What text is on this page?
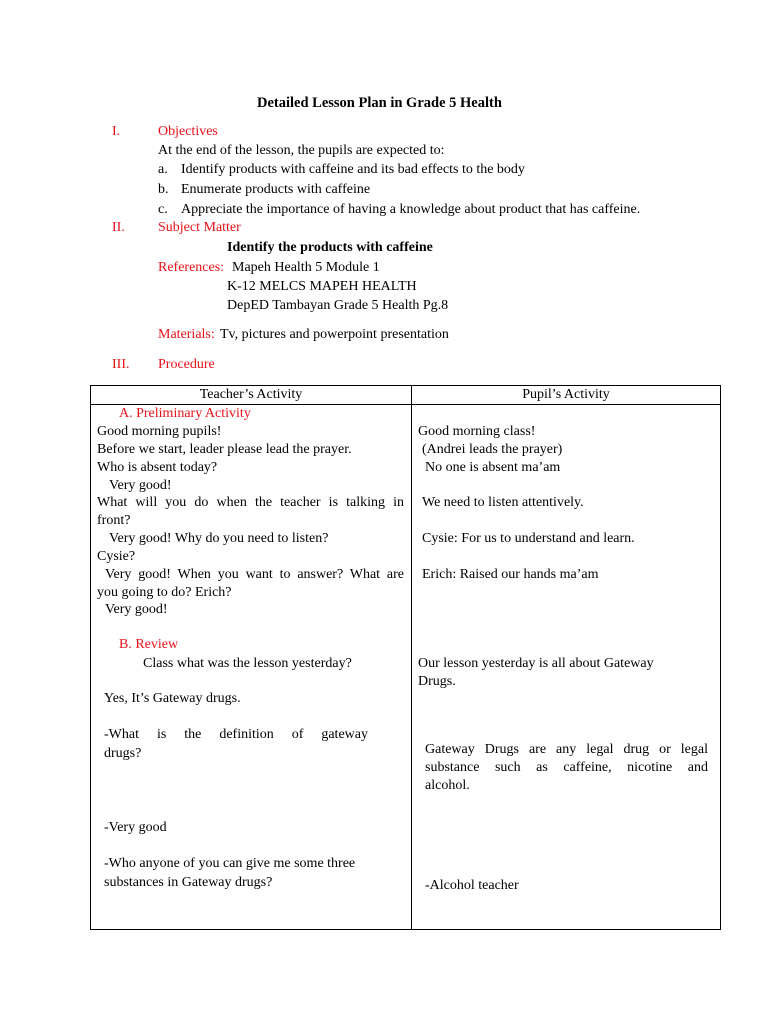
Detailed Lesson Plan in Grade 5 Health
I.	Objectives
At the end of the lesson, the pupils are expected to:
a. Identify products with caffeine and its bad effects to the body
b. Enumerate products with caffeine
c. Appreciate the importance of having a knowledge about product that has caffeine.
II. Subject Matter
Identify the products with caffeine
References: Mapeh Health 5 Module 1
K-12 MELCS MAPEH HEALTH
DepED Tambayan Grade 5 Health Pg.8
Materials: Tv, pictures and powerpoint presentation
III. Procedure
Teacher’s Activity	Pupil’s Activity
A. Preliminary Activity
Good morning pupils!
Before we start, leader please lead the prayer.
Who is absent today?
Very good!
What will you do when the teacher is talking in
front?
Very good! Why do you need to listen?
Cysie?
Very good! When you want to answer? What are
you going to do? Erich?
Very good!
Good morning class!
(Andrei leads the prayer)
No one is absent ma’am
We need to listen attentively.
Cysie: For us to understand and learn.
Erich: Raised our hands ma’am
B. Review
Class what was the lesson yesterday?
Yes, It’s Gateway drugs.
-What is the definition of gateway
drugs?
-Very good
-Who anyone of you can give me some three
substances in Gateway drugs?
Our lesson yesterday is all about Gateway
Drugs.
Gateway Drugs are any legal drug or legal
substance such as caffeine, nicotine and
alcohol.
-Alcohol teacher
